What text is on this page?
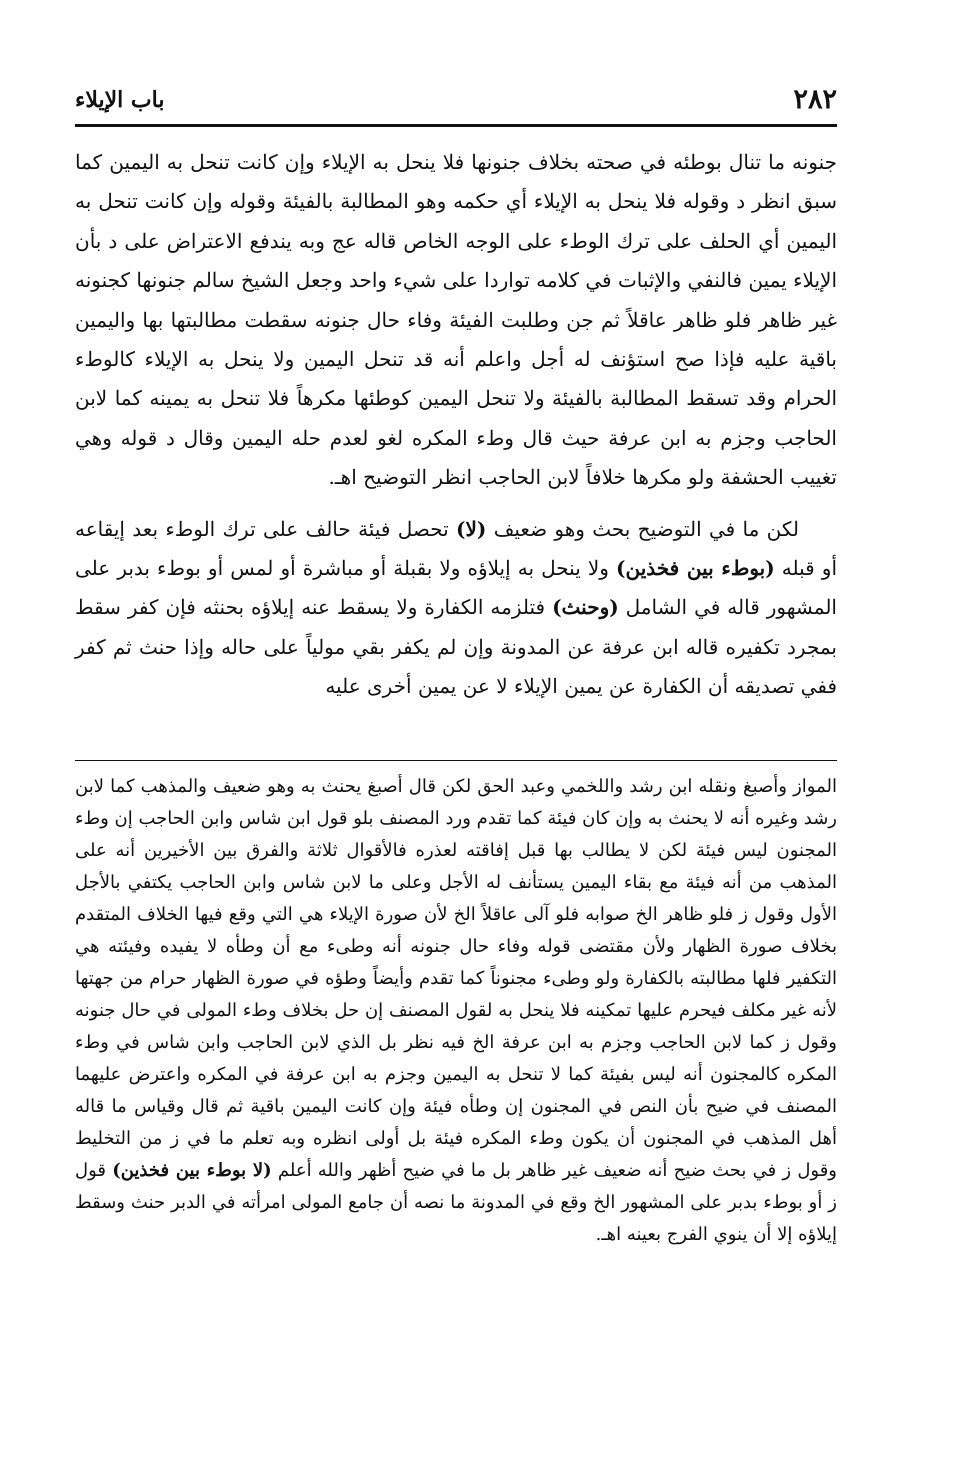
٢٨٢
باب الإيلاء

جنونه ما تنال بوطئه في صحته بخلاف جنونها فلا ينحل به الإيلاء وإن كانت تنحل به اليمين كما سبق انظر د وقوله فلا ينحل به الإيلاء أي حكمه وهو المطالبة بالفيئة وقوله وإن كانت تنحل به اليمين أي الحلف على ترك الوطء على الوجه الخاص قاله عج وبه يندفع الاعتراض على د بأن الإيلاء يمين فالنفي والإثبات في كلامه تواردا على شيء واحد وجعل الشيخ سالم جنونها كجنونه غير ظاهر فلو ظاهر عاقلاً ثم جن وطلبت الفيئة وفاء حال جنونه سقطت مطالبتها بها واليمين باقية عليه فإذا صح استؤنف له أجل واعلم أنه قد تنحل اليمين ولا ينحل به الإيلاء كالوطء الحرام وقد تسقط المطالبة بالفيئة ولا تنحل اليمين كوطئها مكرهاً فلا تنحل به يمينه كما لابن الحاجب وجزم به ابن عرفة حيث قال وطء المكره لغو لعدم حله اليمين وقال د قوله وهي تغييب الحشفة ولو مكرها خلافاً لابن الحاجب انظر التوضيح اهـ.

لكن ما في التوضيح بحث وهو ضعيف (لا) تحصل فيئة حالف على ترك الوطء بعد إيقاعه أو قبله (بوطء بين فخذين) ولا ينحل به إيلاؤه ولا بقبلة أو مباشرة أو لمس أو بوطء بدبر على المشهور قاله في الشامل (وحنث) فتلزمه الكفارة ولا يسقط عنه إيلاؤه بحنثه فإن كفر سقط بمجرد تكفيره قاله ابن عرفة عن المدونة وإن لم يكفر بقي مولياً على حاله وإذا حنث ثم كفر ففي تصديقه أن الكفارة عن يمين الإيلاء لا عن يمين أخرى عليه

المواز وأصبغ ونقله ابن رشد واللخمي وعبد الحق لكن قال أصبغ يحنث به وهو ضعيف والمذهب كما لابن رشد وغيره أنه لا يحنث به وإن كان فيئة كما تقدم ورد المصنف بلو قول ابن شاس وابن الحاجب إن وطء المجنون ليس فيئة لكن لا يطالب بها قبل إفاقته لعذره فالأقوال ثلاثة والفرق بين الأخيرين أنه على المذهب من أنه فيئة مع بقاء اليمين يستأنف له الأجل وعلى ما لابن شاس وابن الحاجب يكتفي بالأجل الأول وقول ز فلو ظاهر الخ صوابه فلو آلى عاقلاً الخ لأن صورة الإيلاء هي التي وقع فيها الخلاف المتقدم بخلاف صورة الظهار ولأن مقتضى قوله وفاء حال جنونه أنه وطىء مع أن وطأه لا يفيده وفيئته هي التكفير فلها مطالبته بالكفارة ولو وطىء مجنوناً كما تقدم وأيضاً وطؤه في صورة الظهار حرام من جهتها لأنه غير مكلف فيحرم عليها تمكينه فلا ينحل به لقول المصنف إن حل بخلاف وطء المولى في حال جنونه وقول ز كما لابن الحاجب وجزم به ابن عرفة الخ فيه نظر بل الذي لابن الحاجب وابن شاس في وطء المكره كالمجنون أنه ليس بفيئة كما لا تنحل به اليمين وجزم به ابن عرفة في المكره واعترض عليهما المصنف في ضيح بأن النص في المجنون إن وطأه فيئة وإن كانت اليمين باقية ثم قال وقياس ما قاله أهل المذهب في المجنون أن يكون وطء المكره فيئة بل أولى انظره وبه تعلم ما في ز من التخليط وقول ز في بحث ضيح أنه ضعيف غير ظاهر بل ما في ضيح أظهر والله أعلم (لا بوطء بين فخذين) قول ز أو بوطء بدبر على المشهور الخ وقع في المدونة ما نصه أن جامع المولى امرأته في الدبر حنث وسقط إيلاؤه إلا أن ينوي الفرج بعينه اهـ.
